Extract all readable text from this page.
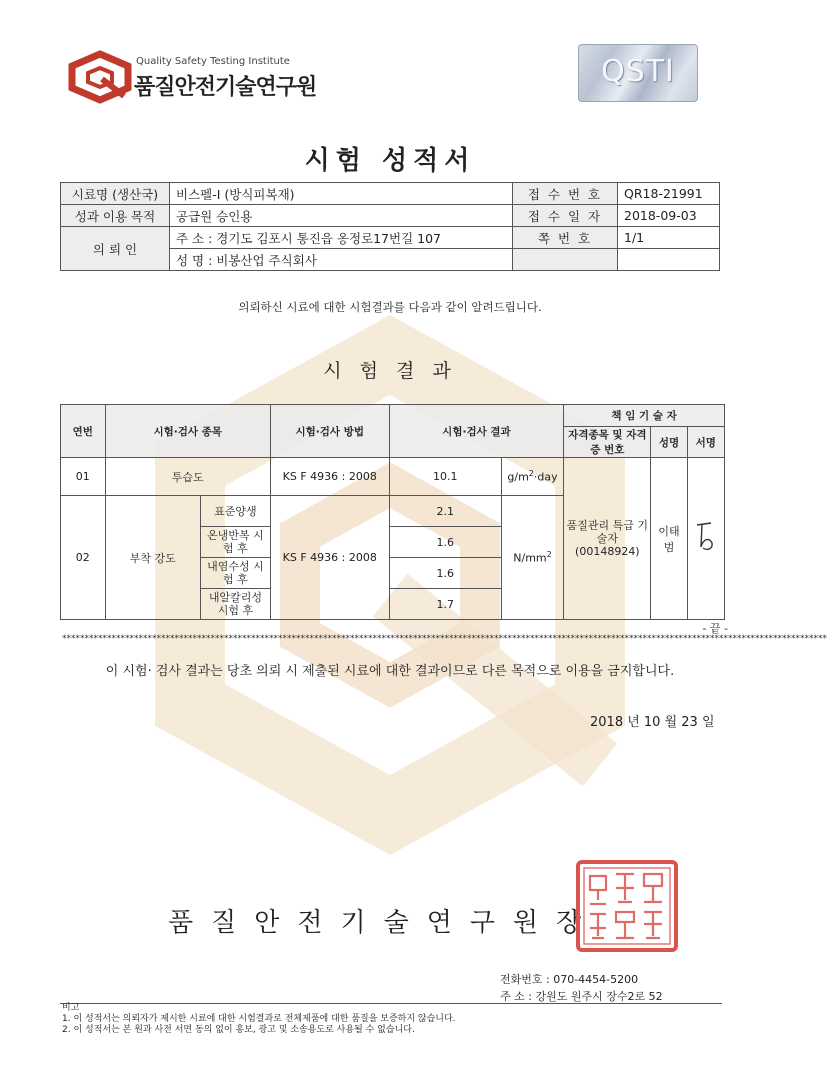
Quality Safety Testing Institute
품질안전기술연구원	QSTI
시험 성적서
시료명 (생산국)	비스펠-I (방식피복재)	접 수 번 호	QR18-21991
성과 이용 목적	공급원 승인용	접 수 일 자	2018-09-03
의 뢰 인	주 소 : 경기도 김포시 통진읍 옹정로17번길 107	쪽 번 호	1/1
	성 명 : 비봉산업 주식회사		
의뢰하신 시료에 대한 시험결과를 다음과 같이 알려드립니다.
시 험 결 과
연번	시험·검사 종목		시험·검사 방법	시험·검사 결과		책 임 기 술 자		
						자격종목 및 자격증 번호	성명	서명
01	투습도		KS F 4936 : 2008	10.1	$g/m^2\cdot day$	품질관리 특급 기술자 (00148924)	이태범	
02	부착 강도	표준양생	KS F 4936 : 2008	2.1	$N/mm^2$
		온냉반복 시험 후		1.6				
		내염수성 시험 후		1.6				
		내알칼리성 시험 후		1.7				
- 끝 -
**************************************************************************************************************************************************************************
이 시험· 검사 결과는 당초 의뢰 시 제출된 시료에 대한 결과이므로 다른 목적으로 이용을 금지합니다.
2018 년 10 월 23 일
품질안전기술연구원장
전화번호 : 070-4454-5200
주 소 : 강원도 원주시 장수2로 52
비고
1. 이 성적서는 의뢰자가 제시한 시료에 대한 시험결과로 전체제품에 대한 품질을 보증하지 않습니다.
2. 이 성적서는 본 원과 사전 서면 동의 없이 홍보, 광고 및 소송용도로 사용될 수 없습니다.
